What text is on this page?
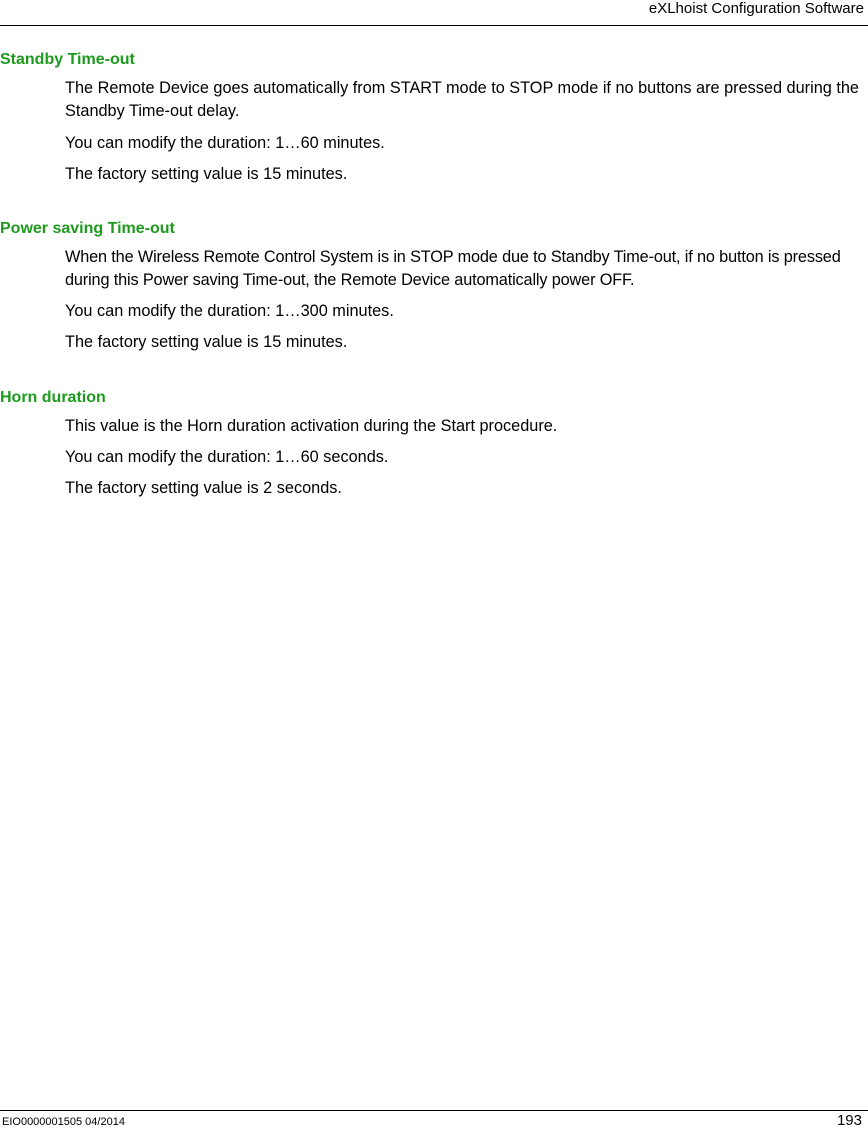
eXLhoist Configuration Software
Standby Time-out

The Remote Device goes automatically from START mode to STOP mode if no buttons are pressed during the Standby Time-out delay.

You can modify the duration: 1…60 minutes.

The factory setting value is 15 minutes.

Power saving Time-out

When the Wireless Remote Control System is in STOP mode due to Standby Time-out, if no button is pressed during this Power saving Time-out, the Remote Device automatically power OFF.

You can modify the duration: 1…300 minutes.

The factory setting value is 15 minutes.

Horn duration

This value is the Horn duration activation during the Start procedure.

You can modify the duration: 1…60 seconds.

The factory setting value is 2 seconds.

EIO0000001505 04/2014	193
